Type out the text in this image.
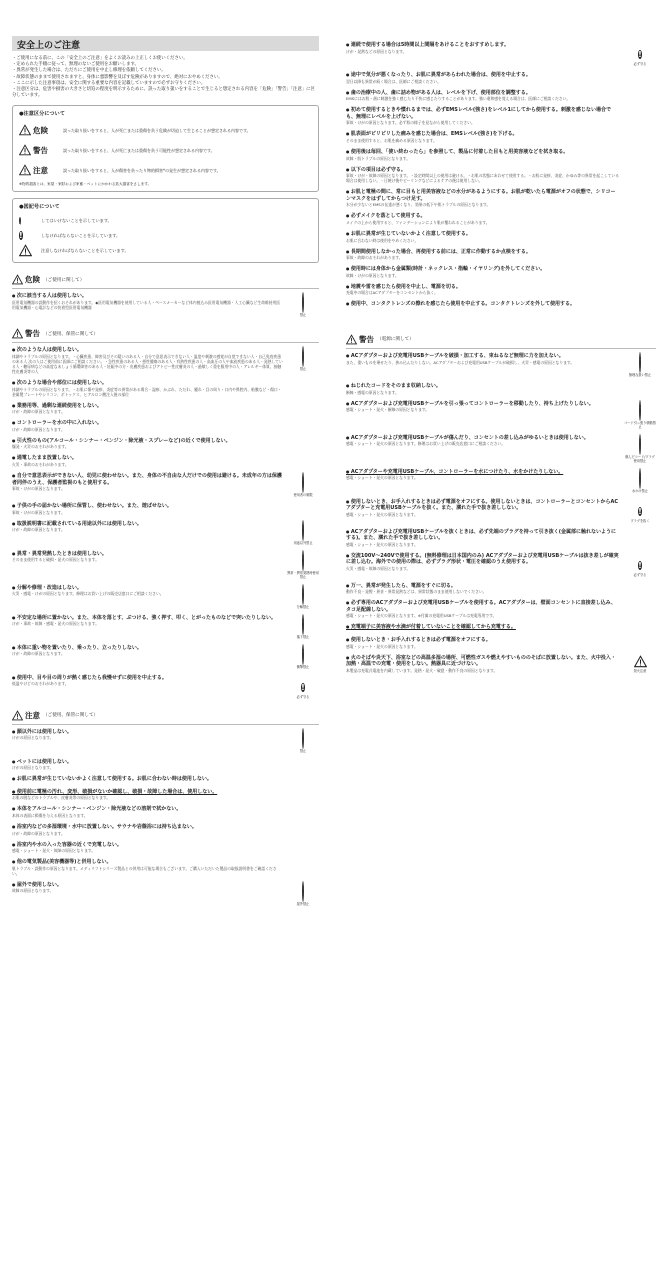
安全上のご注意

・ご使用になる前に、この「安全上のご注意」をよくお読みの上正しくお使いください。

・定められた手順に従って、無理のないご使用をお願いします。

・異常が発生した場合は、ただちにご使用を中止し修理を依頼してください。

・故障状態のままで使用されますと、身体に悪影響を及ぼす危険がありますので、絶対におやめください。

・ここに示した注意事項は、安全に関する重要な内容を記載していますので必ずお守りください。

・注意区分は、危害や損害の大きさと切迫の程度を明示するために、誤った取り扱いをすることで生じると想定される内容を「危険」「警告」「注意」に区分しています。

●注意区分について
危険	誤った取り扱いをすると、人が死亡または重傷を負う危険が切迫して生じることが想定される内容です。
警告	誤った取り扱いをすると、人が死亡または重傷を負う可能性が想定される内容です。
注意	誤った取り扱いをすると、人が傷害を負ったり物的損害*の発生が想定される内容です。
※物的損害とは、家屋・家財および家畜・ペットにかかわる拡大損害をさします。
●図記号について
してはいけないことを示しています。
!	しなければならないことを示しています。
注意しなければならないことを示しています。
危険 （ご使用に関して）
● 次に該当する人は使用しない。
医用電気機器の誤動作を招くおそれがあります。◆医用電気機器を使用している人・ペースメーカーなど体内植込み医用電気機器・人工心臓など生命維持用医用電気機器・心電計などの装着型医用電気機器
禁止
警告 （ご使用、保管に関して）
● 次のような人は使用しない。
体調やトラブルの原因となります。・心臓疾患、障害及びその疑いのある人・自分で意思表示できない人・温度や刺激の感覚が自覚できない人・自己免疫疾患のある人 次の人はご使用前に医師にご相談ください。・急性疾患のある人・悪性腫瘍のある人・有熱性疾患の人・高血圧の人や血液疾患のある人・発熱している人・糖尿病などの高度な末しょう循環障害のある人・妊娠中の方・皮膚疾患およびアトピー性皮膚炎の人・過敏しく重を服用中の人・アレルギー体質、接触性皮膚炎等の人	禁止
● 次のような場合や部位には使用しない。
体調やトラブルの原因となります。・お肌に傷や発疹、炎症等の異常がある場合・湿疹、かぶれ、ただれ、腫れ・目の周り・口内や鼻腔内、粘膜など・傷口・金属製プレートやシリコン、ボトックス、ヒアルロン酸注入後の部位
● 業務用等、過剰な連続使用をしない。
けが・故障の原因となります。
● コントローラーを水の中に入れない。
けが・故障の原因となります。
● 引火性のもの(アルコール・シンナー・ベンジン・除光液・スプレーなど)の近くで使用しない。
爆発・火災のおそれがあります。
● 通電したまま放置しない。
火災・事故のおそれがあります。
● 自分で意思表示ができない人、幼児に使わせない。また、身体の不自由な人だけでの使用は避ける。未成年の方は保護者同伴のうえ、保護者監視のもと使用する。
事故・けがの原因となります。
使用者の制限
● 子供の手の届かない場所に保管し、使わせない。また、遊ばせない。
事故・けがの原因となります。
● 取扱説明書に記載されている用途以外には使用しない。
けが・故障の原因となります。
用途以外禁止
● 異常・異常発熱したときは使用しない。
そのまま使用すると破損・発火の原因となります。
異常・異常発熱時使用禁止
● 分解や修理・改造はしない。
火災・感電・けがの原因となります。修理はお買い上げの販売店窓口にご相談ください。
分解禁止
● 不安定な場所に置かない。また、本体を落とす、ぶつける、強く押す、叩く、とがったものなどで突いたりしない。
けが・事故・故障・感電・発火の原因となります。
落下禁止
● 本体に重い物を置いたり、乗ったり、立ったりしない。
けが・故障の原因となります。
衝撃禁止
● 使用中、目や目の周りが熱く感じたら我慢せずに使用を中止する。
低温やけどのおそれがあります。	!
必ず守る
注意 （ご使用、保管に関して）
● 顔以外には使用しない。
けがの原因となります。
禁止
● ペットには使用しない。
けがの原因となります。
● お肌に異常が生じていないかよく注意して使用する。お肌に合わない時は使用しない。
● 使用前に電極の汚れ、変形、破損がないか確認し、破損・故障した場合は、使用しない。
お肌の脱などのトラブルや、皮膚炎等の原因となります。
● 本体をアルコール・シンナー・ベンジン・除光液などの溶剤で拭かない。
本体の表面に損傷を与える原因となります。
● 浴室内などの多湿環境・水中に放置しない。サウナや岩盤浴には持ち込まない。
けが・故障の原因となります。
● 浴室内や水の入った容器の近くで充電しない。
感電・ショート・発火・故障の原因となります。
● 他の電気製品(美容機器等)と併用しない。
肌トラブル・誤動作の原因となります。メディリフトシリーズ製品との併用は可能な場合もございます。ご購入いただいた製品の取扱説明書をご確認ください。
● 屋外で使用しない。
故障の原因となります。
屋外禁止
● 連続で使用する場合は5時間以上間隔をあけることをおすすめします。
けが・発熱などの原因となります。	!
必ず守る
● 途中で気分が悪くなったり、お肌に異常があらわれた場合は、使用を中止する。
翌日以降も異常が続く場合は、医師にご相談ください。
● 歯の治療中の人、歯に詰め物がある人は、レベルを下げ、使用部位を調整する。
EMSにはお肌・歯に刺激を強く感じたり不快に感じたりすることがあります。強い違和感を覚える場合は、医師にご相談ください。
● 初めて使用するときや慣れるまでは、必ずEMSレベル(強さ)をレベル1にしてから使用する。刺激を感じない場合でも、無理にレベルを上げない。
事故・けがの原因となります。必ず肌の様子を見ながら使用してください。
● 肌表面がピリピリした痛みを感じた場合は、EMSレベル(強さ)を下げる。
そのまま使用すると、お肌を痛める原因となります。
● 使用後は毎回、「使い終わったら」を参照して、製品に付着した目もと用美容液などを拭き取る。
故障・肌トラブルの原因となります。
● 以下の項目は必ず守る。
事故・けが・故障の原因となります。・設定時間以上の使用は避ける。・お肌の状態にあわせて使用する。・お肌に発疹、炎症、かゆみ等の異常を起こしている場合は使用しない。・日焼け後やピーリングなどによるケアの後は使用しない。
● お肌と電極の間に、常に目もと用美容液などの水分があるようにする。お肌が乾いたら電源がオフの状態で、シリコーンマスクをはずしてからつけ足す。
水分が少ないとEMSの伝達が悪くなり、効果の低下や肌トラブルの原因となります。
● 必ずメイクを落として使用する。
メイクの上から使用すると、ファンデーションにより肌が覆われることがあります。
● お肌に異常が生じていないかよく注意して使用する。
お肌に合わない時は使用をやめください。
● 長期間使用しなかった場合、再使用する前には、正常に作動するか点検をする。
事故・故障のおそれがあります。
● 使用時には身体から金属類(時計・ネックレス・指輪・イヤリング)を外してください。
故障・けがの原因となります。
● 地震や雷を感じたら使用を中止し、電源を切る。
充電中の場合はACアダプターをコンセントから抜く。
● 使用中、コンタクトレンズの擦れを感じたら使用を中止する。コンタクトレンズを外して使用する。
警告 （電源に関して）
● ACアダプターおよび充電用USBケーブルを破損・加工する、束ねるなど無理に力を加えない。
また、重いものを乗せたり、挟み込んだりしない。ACアダプターおよび充電用USBケーブルが破損し、火災・感電の原因となります。
無理な扱い禁止
● ねじれたコードをそのまま収納しない。
断線・感電の原因となります。
● ACアダプターおよび充電用USBケーブルを引っ張ってコントローラーを移動したり、持ち上げたりしない。
感電・ショート・発火・断線の原因となります。
コード引っ張り移動禁止
● ACアダプターおよび充電用USBケーブルが傷んだり、コンセントの差し込みがゆるいときは使用しない。
感電・ショート・発火の原因となります。修理はお買い上げの販売店窓口にご相談ください。
傷んだコード/プラグ使用禁止
● ACアダプターや充電用USBケーブル、コントローラーを水につけたり、水をかけたりしない。
感電・ショート・発火の原因となります。
水かけ禁止
● 使用しないとき、お手入れするときは必ず電源をオフにする。使用しないときは、コントローラーとコンセントからACアダプターと充電用USBケーブルを抜く。また、濡れた手で抜き差ししない。
感電・ショート・発火の原因となります。	!
プラグを抜く
● ACアダプターおよび充電用USBケーブルを抜くときは、必ず先端のプラグを持って引き抜く(金属部に触れないようにする)。また、濡れた手で抜き差ししない。
感電・ショート・発火の原因となります。
● 交流100V～240Vで使用する。(無料修理は日本国内のみ) ACアダプターおよび充電用USBケーブルは抜き差しが確実に差し込む。海外での使用の際は、必ずプラグ形状・電圧を確認のうえ使用する。
火災・感電・故障の原因となります。	!
必ず守る
● 万一、異常が発生したら、電源をすぐに切る。
動作不良・発煙・異音・異常発熱などは、異常状態のまま使用しないでください。
● 必ず専用のACアダプターおよび充電用USBケーブルを使用する。ACアダプターは、壁面コンセントに直接差し込み、タコ足配線しない。
感電・ショート・発火の原因となります。※付属の充電用USBケーブルは充電専用です。
● 充電端子に美容液や水滴が付着していないことを確認してから充電する。
● 使用しないとき・お手入れするときは必ず電源をオフにする。
感電・ショート・発火の原因となります。
● 火のそばや炎天下、浴室などの高温多湿の場所、可燃性ガスや燃えやすいもののそばに放置しない。また、火中投入・加熱・高温での充電・使用をしない。熱器具に近づけない。
本製品は充電式電池を内蔵しています。発熱・発火・破裂・動作不良の原因となります。	発火注意
